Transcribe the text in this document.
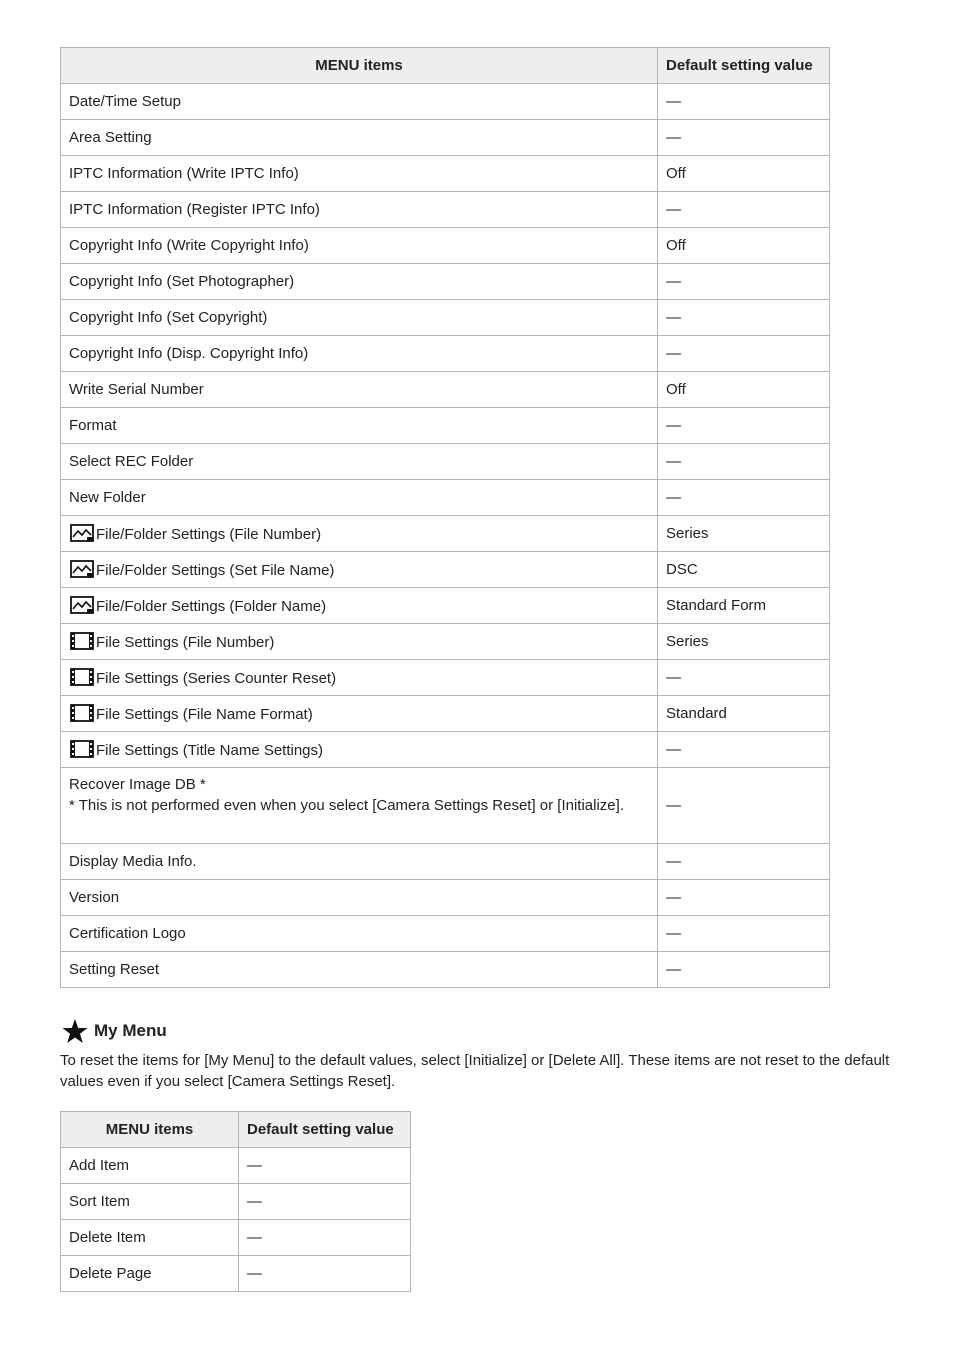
MENU items	Default setting value
Date/Time Setup	—
Area Setting	—
IPTC Information (Write IPTC Info)	Off
IPTC Information (Register IPTC Info)	—
Copyright Info (Write Copyright Info)	Off
Copyright Info (Set Photographer)	—
Copyright Info (Set Copyright)	—
Copyright Info (Disp. Copyright Info)	—
Write Serial Number	Off
Format	—
Select REC Folder	—
New Folder	—
File/Folder Settings (File Number)	Series
File/Folder Settings (Set File Name)	DSC
File/Folder Settings (Folder Name)	Standard Form
File Settings (File Number)	Series
File Settings (Series Counter Reset)	—
File Settings (File Name Format)	Standard
File Settings (Title Name Settings)	—

Recover Image DB *
* This is not performed even when you select [Camera Settings Reset] or [Initialize].	—
Display Media Info.	—
Version	—
Certification Logo	—
Setting Reset	—
My Menu
To reset the items for [My Menu] to the default values, select [Initialize] or [Delete All]. These items are not reset to the default values even if you select [Camera Settings Reset].
MENU items	Default setting value
Add Item	—
Sort Item	—
Delete Item	—
Delete Page	—
